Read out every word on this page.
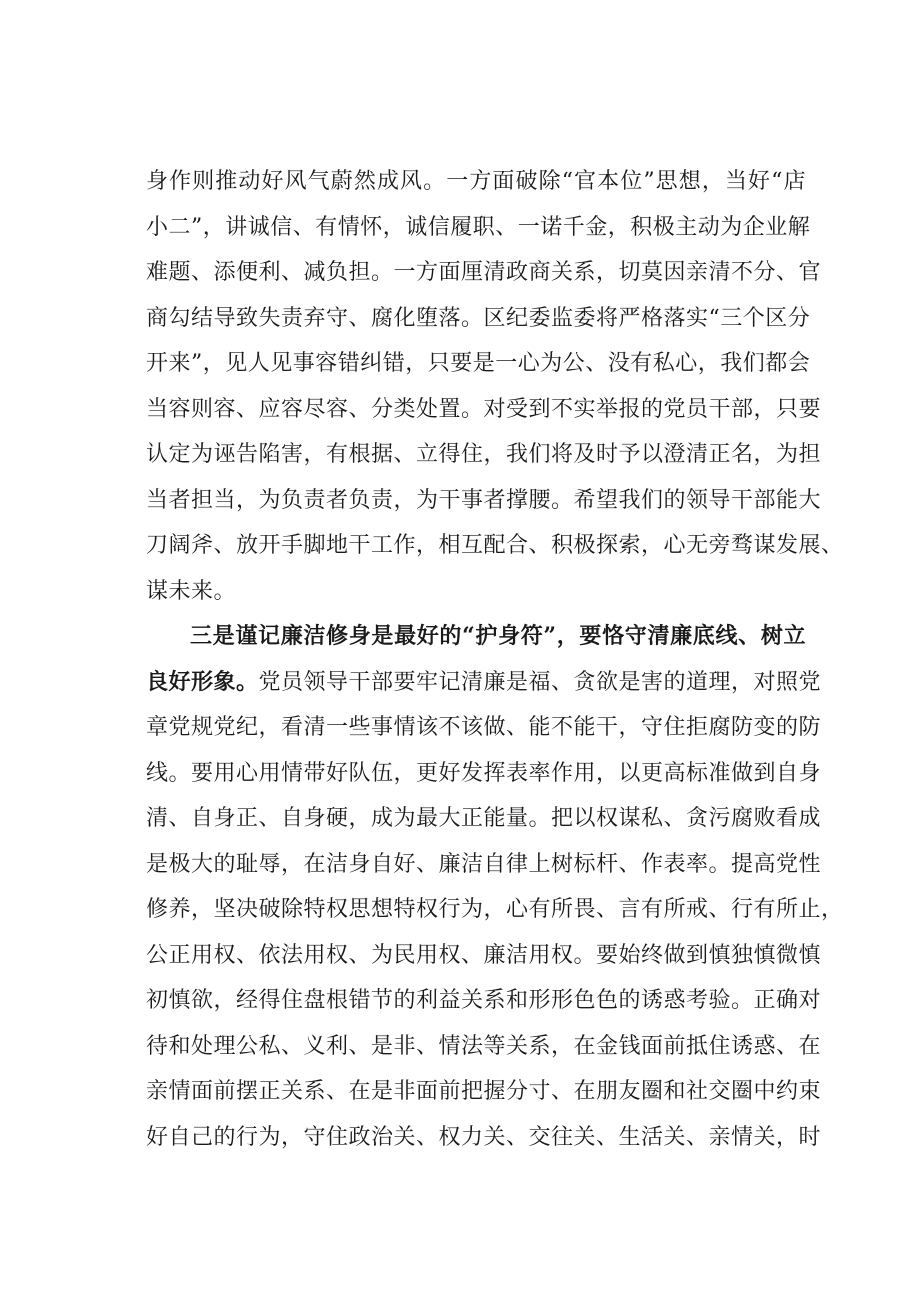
身作则推动好风气蔚然成风。一方面破除“官本位”思想，当好“店
小二”，讲诚信、有情怀，诚信履职、一诺千金，积极主动为企业解
难题、添便利、减负担。一方面厘清政商关系，切莫因亲清不分、官
商勾结导致失责弃守、腐化堕落。区纪委监委将严格落实“三个区分
开来”，见人见事容错纠错，只要是一心为公、没有私心，我们都会
当容则容、应容尽容、分类处置。对受到不实举报的党员干部，只要
认定为诬告陷害，有根据、立得住，我们将及时予以澄清正名，为担
当者担当，为负责者负责，为干事者撑腰。希望我们的领导干部能大
刀阔斧、放开手脚地干工作，相互配合、积极探索，心无旁骛谋发展、
谋未来。
三是谨记廉洁修身是最好的“护身符”，要恪守清廉底线、树立
良好形象。党员领导干部要牢记清廉是福、贪欲是害的道理，对照党
章党规党纪，看清一些事情该不该做、能不能干，守住拒腐防变的防
线。要用心用情带好队伍，更好发挥表率作用，以更高标准做到自身
清、自身正、自身硬，成为最大正能量。把以权谋私、贪污腐败看成
是极大的耻辱，在洁身自好、廉洁自律上树标杆、作表率。提高党性
修养，坚决破除特权思想特权行为，心有所畏、言有所戒、行有所止，
公正用权、依法用权、为民用权、廉洁用权。要始终做到慎独慎微慎
初慎欲，经得住盘根错节的利益关系和形形色色的诱惑考验。正确对
待和处理公私、义利、是非、情法等关系，在金钱面前抵住诱惑、在
亲情面前摆正关系、在是非面前把握分寸、在朋友圈和社交圈中约束
好自己的行为，守住政治关、权力关、交往关、生活关、亲情关，时
